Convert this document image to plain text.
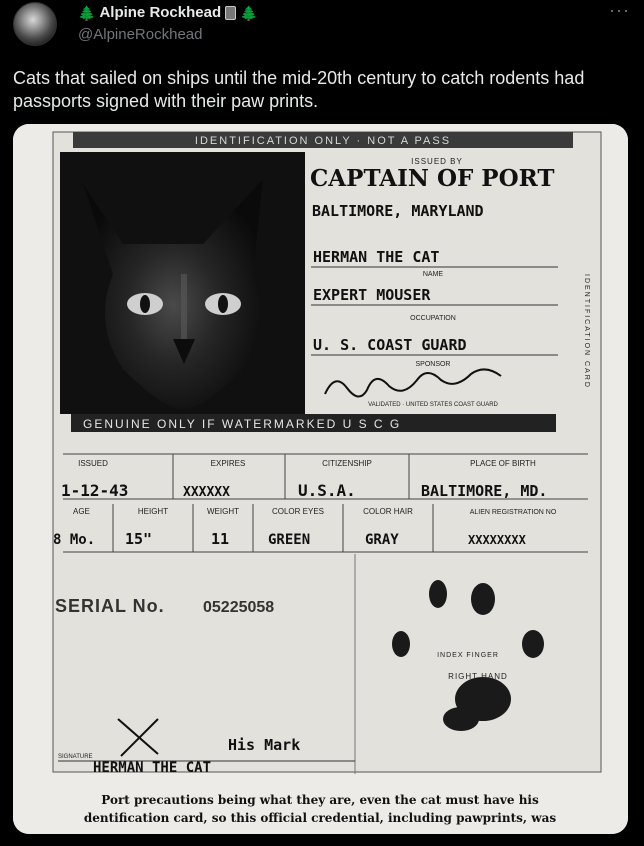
🌲 Alpine Rockhead 🌲
@AlpineRockhead
···
Cats that sailed on ships until the mid-20th century to catch rodents had passports signed with their paw prints.
IDENTIFICATION ONLY · NOT A PASS
ISSUED BY
CAPTAIN OF PORT
BALTIMORE, MARYLAND
HERMAN THE CAT
NAME
EXPERT MOUSER
OCCUPATION
U. S. COAST GUARD
SPONSOR
VALIDATED · UNITED STATES COAST GUARD
IDENTIFICATION CARD
GENUINE ONLY IF WATERMARKED U S C G
ISSUED
1-12-43
EXPIRES
XXXXXX
CITIZENSHIP
U.S.A.
PLACE OF BIRTH
BALTIMORE, MD.
AGE
8 Mo.
HEIGHT
15"
WEIGHT
11
COLOR EYES
GREEN
COLOR HAIR
GRAY
ALIEN REGISTRATION NO
XXXXXXXX
SERIAL No. 05225058
INDEX FINGER
RIGHT HAND
His Mark
SIGNATURE
HERMAN THE CAT
Port precautions being what they are, even the cat must have his
dentification card, so this official credential, including pawprints, was
